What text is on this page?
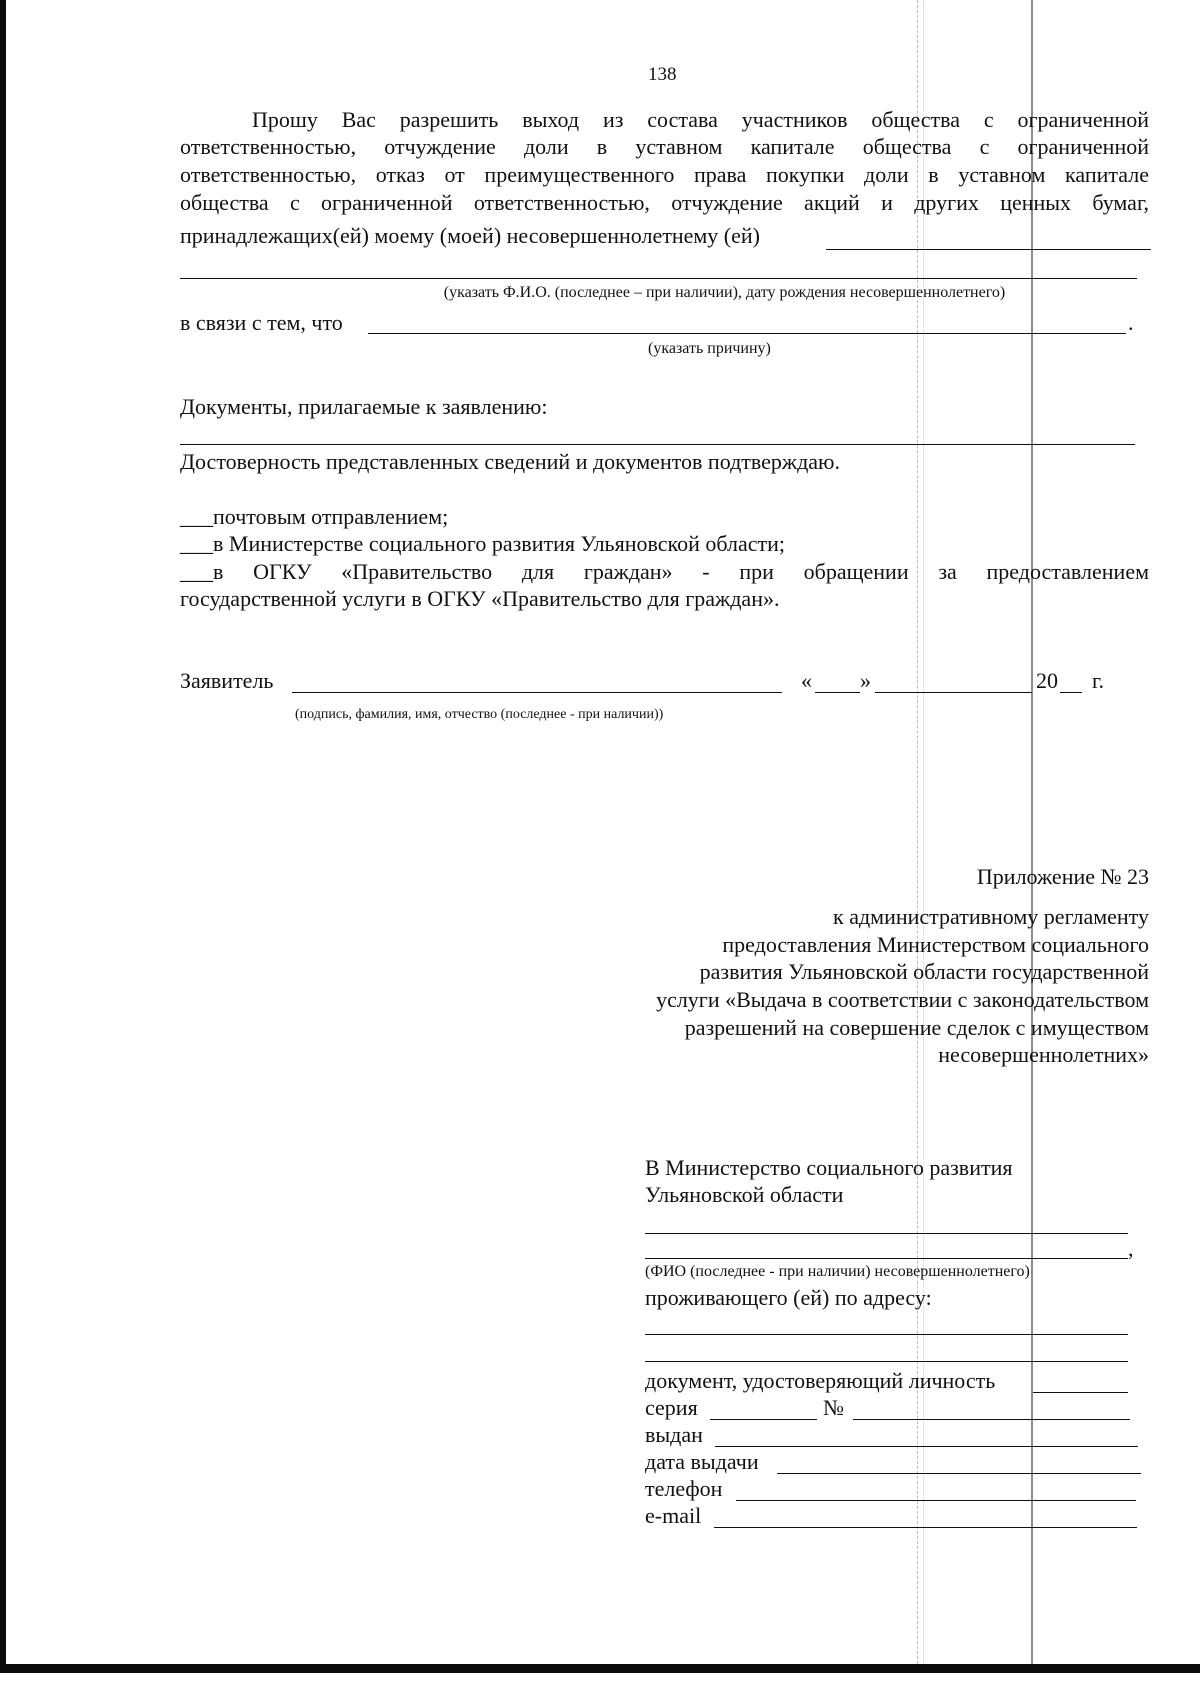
138
Прошу Вас разрешить выход из состава участников общества с ограниченной
ответственностью, отчуждение доли в уставном капитале общества с ограниченной
ответственностью, отказ от преимущественного права покупки доли в уставном капитале
общества с ограниченной ответственностью, отчуждение акций и других ценных бумаг,
принадлежащих(ей) моему (моей) несовершеннолетнему (ей)
(указать Ф.И.О. (последнее – при наличии), дату рождения несовершеннолетнего)
в связи с тем, что	.
(указать причину)
Документы, прилагаемые к заявлению:
Достоверность представленных сведений и документов подтверждаю.
___почтовым отправлением;
___в Министерстве социального развития Ульяновской области;
___ в ОГКУ «Правительство для граждан» - при обращении за предоставлением
государственной услуги в ОГКУ «Правительство для граждан».
Заявитель	« »	20 г.
(подпись, фамилия, имя, отчество (последнее - при наличии))
Приложение № 23
к административному регламенту
предоставления Министерством социального
развития Ульяновской области государственной
услуги «Выдача в соответствии с законодательством
разрешений на совершение сделок с имуществом
несовершеннолетних»
В Министерство социального развития
Ульяновской области
,
(ФИО (последнее - при наличии) несовершеннолетнего)
проживающего (ей) по адресу:
документ, удостоверяющий личность
серия	№
выдан
дата выдачи
телефон
e-mail
